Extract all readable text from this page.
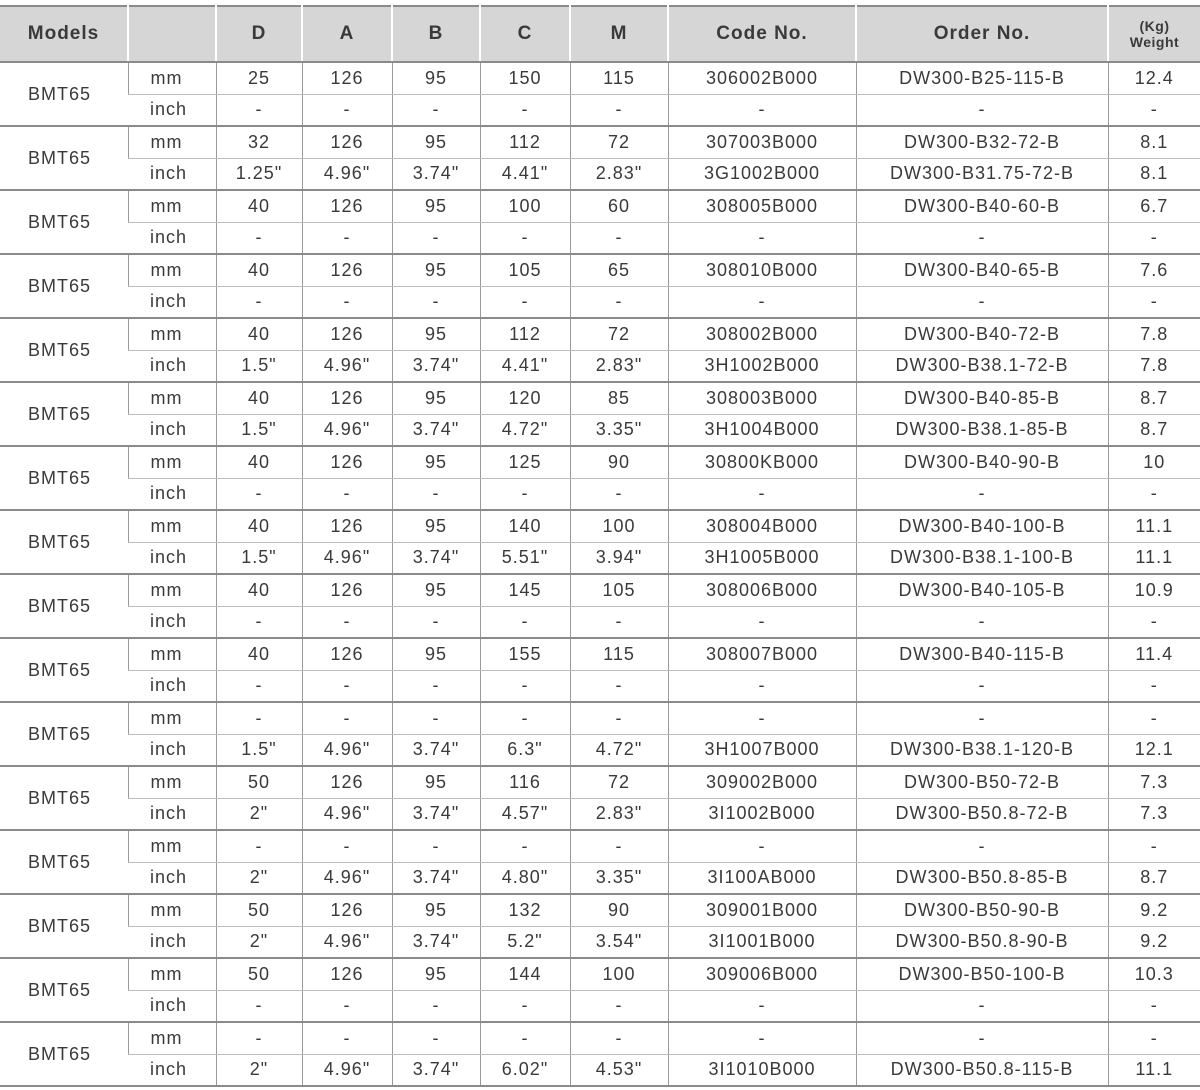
Models		D	A	B	C	M	Code No.	Order No.	(Kg)
Weight

BMT65	mm	25	126	95	150	115	306002B000	DW300-B25-115-B	12.4
	inch	-	-	-	-	-	-	-	-
BMT65	mm	32	126	95	112	72	307003B000	DW300-B32-72-B	8.1
	inch	1.25"	4.96"	3.74"	4.41"	2.83"	3G1002B000	DW300-B31.75-72-B	8.1
BMT65	mm	40	126	95	100	60	308005B000	DW300-B40-60-B	6.7
	inch	-	-	-	-	-	-	-	-
BMT65	mm	40	126	95	105	65	308010B000	DW300-B40-65-B	7.6
	inch	-	-	-	-	-	-	-	-
BMT65	mm	40	126	95	112	72	308002B000	DW300-B40-72-B	7.8
	inch	1.5"	4.96"	3.74"	4.41"	2.83"	3H1002B000	DW300-B38.1-72-B	7.8
BMT65	mm	40	126	95	120	85	308003B000	DW300-B40-85-B	8.7
	inch	1.5"	4.96"	3.74"	4.72"	3.35"	3H1004B000	DW300-B38.1-85-B	8.7
BMT65	mm	40	126	95	125	90	30800KB000	DW300-B40-90-B	10
	inch	-	-	-	-	-	-	-	-
BMT65	mm	40	126	95	140	100	308004B000	DW300-B40-100-B	11.1
	inch	1.5"	4.96"	3.74"	5.51"	3.94"	3H1005B000	DW300-B38.1-100-B	11.1
BMT65	mm	40	126	95	145	105	308006B000	DW300-B40-105-B	10.9
	inch	-	-	-	-	-	-	-	-
BMT65	mm	40	126	95	155	115	308007B000	DW300-B40-115-B	11.4
	inch	-	-	-	-	-	-	-	-
BMT65	mm	-	-	-	-	-	-	-	-
	inch	1.5"	4.96"	3.74"	6.3"	4.72"	3H1007B000	DW300-B38.1-120-B	12.1
BMT65	mm	50	126	95	116	72	309002B000	DW300-B50-72-B	7.3
	inch	2"	4.96"	3.74"	4.57"	2.83"	3I1002B000	DW300-B50.8-72-B	7.3
BMT65	mm	-	-	-	-	-	-	-	-
	inch	2"	4.96"	3.74"	4.80"	3.35"	3I100AB000	DW300-B50.8-85-B	8.7
BMT65	mm	50	126	95	132	90	309001B000	DW300-B50-90-B	9.2
	inch	2"	4.96"	3.74"	5.2"	3.54"	3I1001B000	DW300-B50.8-90-B	9.2
BMT65	mm	50	126	95	144	100	309006B000	DW300-B50-100-B	10.3
	inch	-	-	-	-	-	-	-	-
BMT65	mm	-	-	-	-	-	-	-	-
	inch	2"	4.96"	3.74"	6.02"	4.53"	3I1010B000	DW300-B50.8-115-B	11.1
